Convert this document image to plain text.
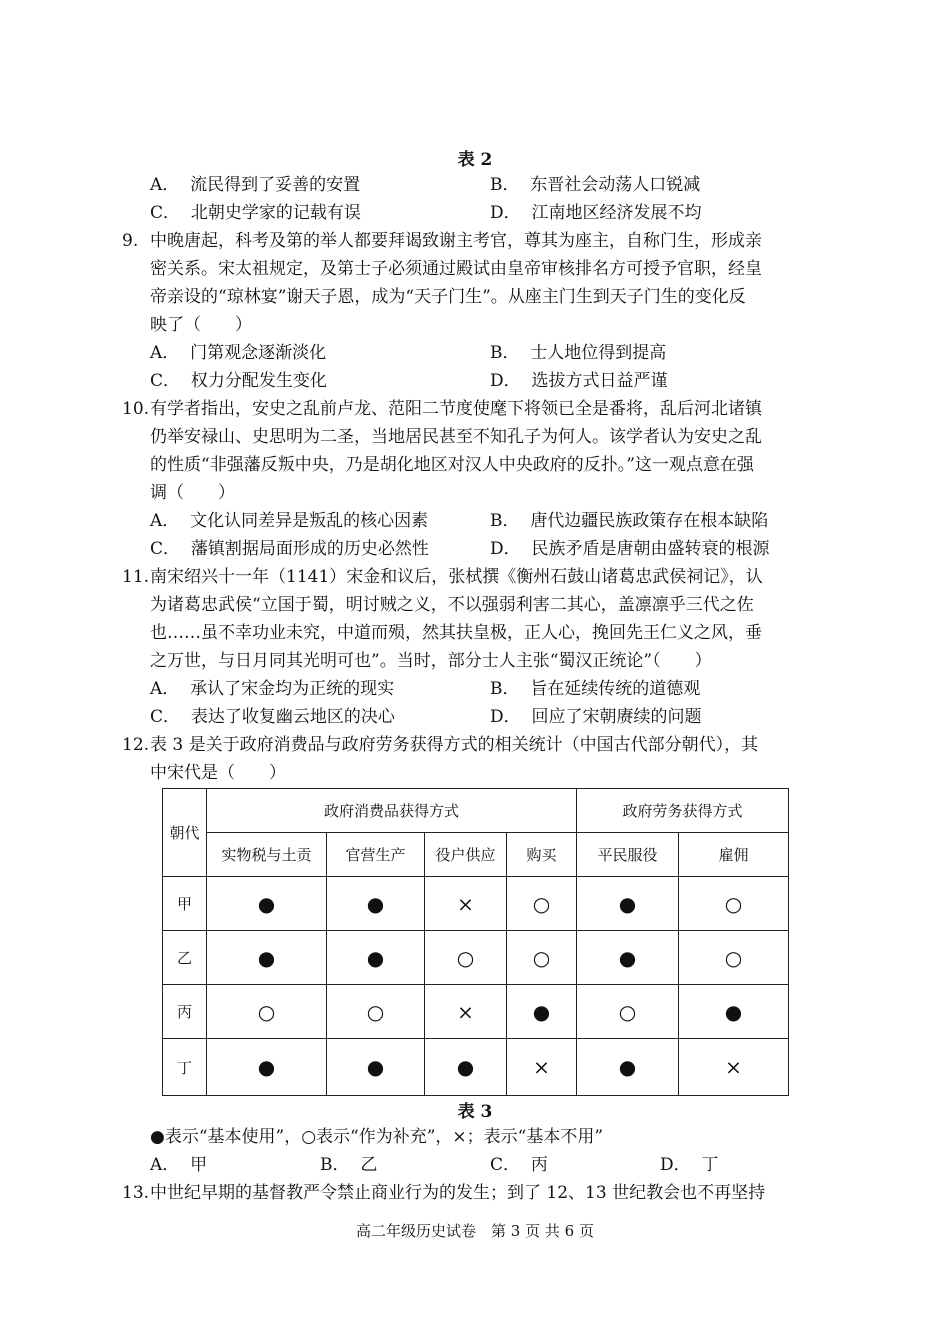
表 2
A． 流民得到了妥善的安置	B． 东晋社会动荡人口锐减
C． 北朝史学家的记载有误	D． 江南地区经济发展不均
9. 中晚唐起，科考及第的举人都要拜谒致谢主考官，尊其为座主，自称门生，形成亲
密关系。宋太祖规定，及第士子必须通过殿试由皇帝审核排名方可授予官职，经皇
帝亲设的“琼林宴”谢天子恩，成为“天子门生”。从座主门生到天子门生的变化反
映了（　　）
A． 门第观念逐渐淡化	B． 士人地位得到提高
C． 权力分配发生变化	D． 选拔方式日益严谨
10. 有学者指出，安史之乱前卢龙、范阳二节度使麾下将领已全是番将，乱后河北诸镇
仍举安禄山、史思明为二圣，当地居民甚至不知孔子为何人。该学者认为安史之乱
的性质“非强藩反叛中央，乃是胡化地区对汉人中央政府的反扑。”这一观点意在强
调（　　）
A． 文化认同差异是叛乱的核心因素	B． 唐代边疆民族政策存在根本缺陷
C． 藩镇割据局面形成的历史必然性	D． 民族矛盾是唐朝由盛转衰的根源
11. 南宋绍兴十一年（1141）宋金和议后，张栻撰《衡州石鼓山诸葛忠武侯祠记》，认
为诸葛忠武侯“立国于蜀，明讨贼之义，不以强弱利害二其心，盖凛凛乎三代之佐
也……虽不幸功业未究，中道而殒，然其扶皇极，正人心，挽回先王仁义之风，垂
之万世，与日月同其光明可也”。当时，部分士人主张“蜀汉正统论”（　　）
A． 承认了宋金均为正统的现实	B． 旨在延续传统的道德观
C． 表达了收复幽云地区的决心	D． 回应了宋朝赓续的问题
12. 表 3 是关于政府消费品与政府劳务获得方式的相关统计（中国古代部分朝代），其
中宋代是（　　）
朝代	政府消费品获得方式				政府劳务获得方式	
	实物税与土贡	官营生产	役户供应	购买	平民服役	雇佣
甲	●	●	×	○	●	○
乙	●	●	○	○	●	○
丙	○	○	×	●	○	●
丁	●	●	●	×	●	×
表 3
●表示“基本使用”，○表示“作为补充”，×；表示“基本不用”
A． 甲	B． 乙	C． 丙	D． 丁
13. 中世纪早期的基督教严令禁止商业行为的发生；到了 12、13 世纪教会也不再坚持
高二年级历史试卷　第 3 页 共 6 页
